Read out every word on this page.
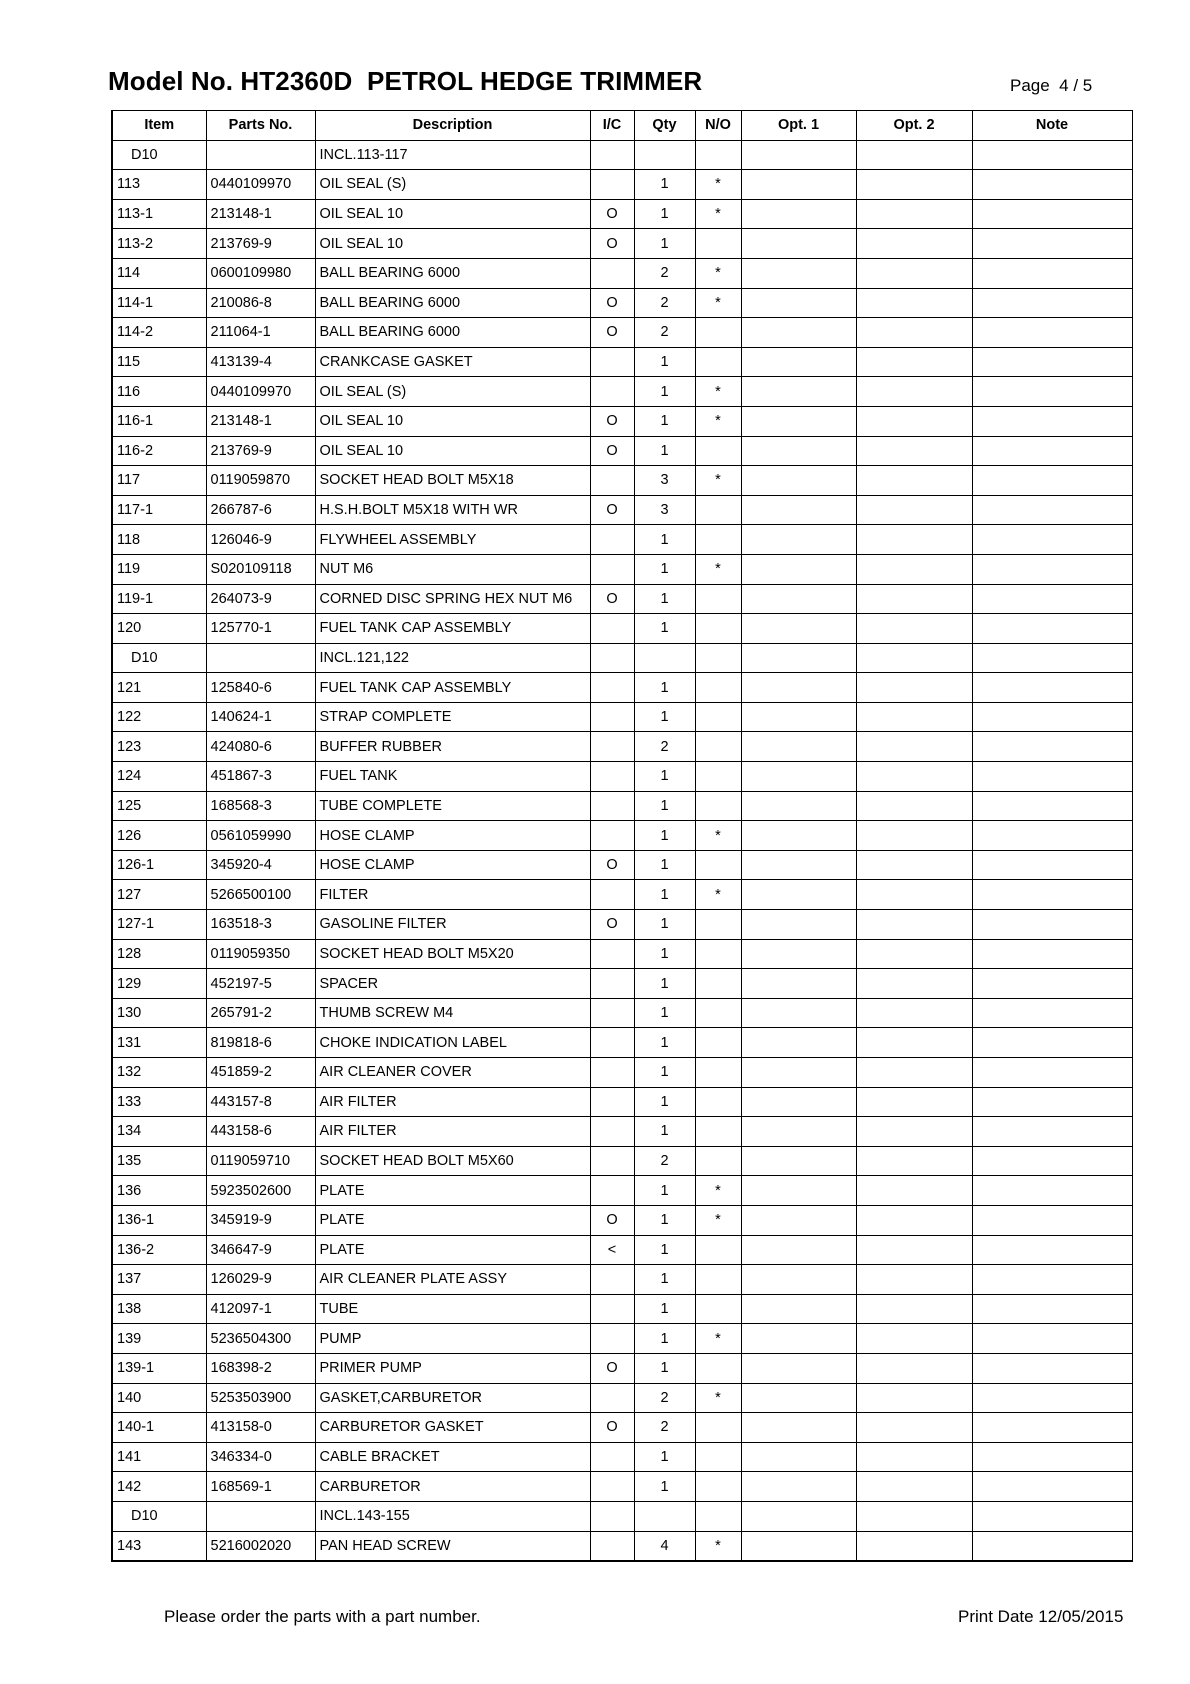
Model No. HT2360D  PETROL HEDGE TRIMMER	Page  4 / 5
Item	Parts No.	Description	I/C	Qty	N/O	Opt. 1	Opt. 2	Note
D10		INCL.113-117						
113	0440109970	OIL SEAL (S)		1	*			
113-1	213148-1	OIL SEAL 10	O	1	*			
113-2	213769-9	OIL SEAL 10	O	1				
114	0600109980	BALL BEARING 6000		2	*			
114-1	210086-8	BALL BEARING 6000	O	2	*			
114-2	211064-1	BALL BEARING 6000	O	2				
115	413139-4	CRANKCASE GASKET		1				
116	0440109970	OIL SEAL (S)		1	*			
116-1	213148-1	OIL SEAL 10	O	1	*			
116-2	213769-9	OIL SEAL 10	O	1				
117	0119059870	SOCKET HEAD BOLT M5X18		3	*			
117-1	266787-6	H.S.H.BOLT M5X18 WITH WR	O	3				
118	126046-9	FLYWHEEL ASSEMBLY		1				
119	S020109118	NUT M6		1	*			
119-1	264073-9	CORNED DISC SPRING HEX NUT M6	O	1				
120	125770-1	FUEL TANK CAP ASSEMBLY		1				
D10		INCL.121,122						
121	125840-6	FUEL TANK CAP ASSEMBLY		1				
122	140624-1	STRAP COMPLETE		1				
123	424080-6	BUFFER RUBBER		2				
124	451867-3	FUEL TANK		1				
125	168568-3	TUBE COMPLETE		1				
126	0561059990	HOSE CLAMP		1	*			
126-1	345920-4	HOSE CLAMP	O	1				
127	5266500100	FILTER		1	*			
127-1	163518-3	GASOLINE FILTER	O	1				
128	0119059350	SOCKET HEAD BOLT M5X20		1				
129	452197-5	SPACER		1				
130	265791-2	THUMB SCREW M4		1				
131	819818-6	CHOKE INDICATION LABEL		1				
132	451859-2	AIR CLEANER COVER		1				
133	443157-8	AIR FILTER		1				
134	443158-6	AIR FILTER		1				
135	0119059710	SOCKET HEAD BOLT M5X60		2				
136	5923502600	PLATE		1	*			
136-1	345919-9	PLATE	O	1	*			
136-2	346647-9	PLATE	<	1				
137	126029-9	AIR CLEANER PLATE ASSY		1				
138	412097-1	TUBE		1				
139	5236504300	PUMP		1	*			
139-1	168398-2	PRIMER PUMP	O	1				
140	5253503900	GASKET,CARBURETOR		2	*			
140-1	413158-0	CARBURETOR GASKET	O	2				
141	346334-0	CABLE BRACKET		1				
142	168569-1	CARBURETOR		1				
D10		INCL.143-155						
143	5216002020	PAN HEAD SCREW		4	*			
Please order the parts with a part number.	Print Date 12/05/2015
